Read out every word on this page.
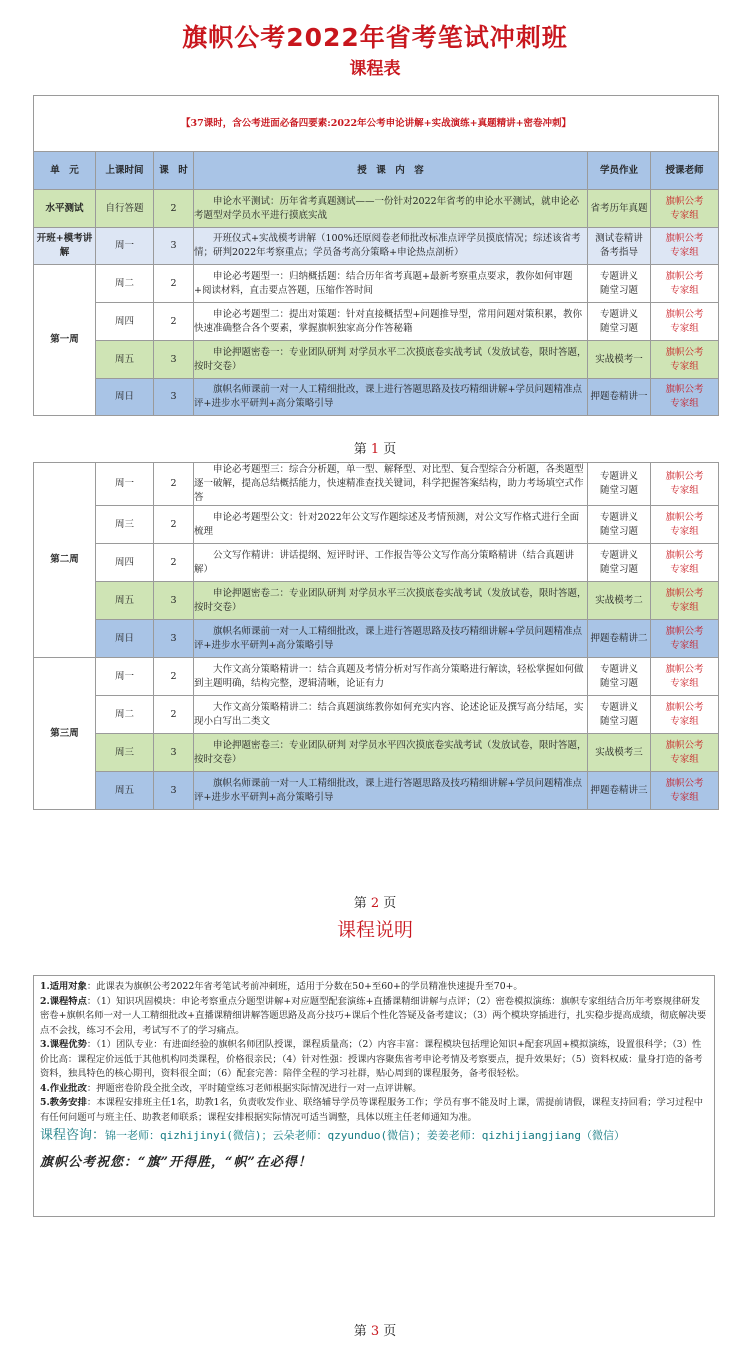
旗帜公考2022年省考笔试冲刺班
课程表
【37课时，含公考进面必备四要素:2022年公考申论讲解+实战演练+真题精讲+密卷冲刺】					
单　元	上课时间	课　时	授　课　内　容	学员作业	授课老师
水平测试	自行答题	2	申论水平测试：历年省考真题测试——一份针对2022年省考的申论水平测试，就申论必考题型对学员水平进行摸底实战	省考历年真题	旗帜公考
专家组

开班+模考讲解	周一	3	开班仪式+实战模考讲解（100%还原阅卷老师批改标准点评学员摸底情况；综述该省考情；研判2022年考察重点；学员备考高分策略+申论热点剖析）	测试卷精讲
备考指导	旗帜公考
专家组

第一周	周二	2	申论必考题型一：归纳概括题：结合历年省考真题+最新考察重点要求，教你如何审题+阅读材料，直击要点答题，压缩作答时间	专题讲义
随堂习题	旗帜公考
专家组

	周四	2	申论必考题型二：提出对策题：针对直接概括型+问题推导型，常用问题对策积累，教你快速准确整合各个要素，掌握旗帜独家高分作答秘籍	专题讲义
随堂习题	旗帜公考
专家组

	周五	3	申论押题密卷一：专业团队研判 对学员水平二次摸底卷实战考试（发放试卷，限时答题，按时交卷）	实战模考一	旗帜公考
专家组

	周日	3	旗帜名师课前一对一人工精细批改，课上进行答题思路及技巧精细讲解+学员问题精准点评+进步水平研判+高分策略引导	押题卷精讲一	旗帜公考
专家组
第 1 页
第二周	周一	2	申论必考题型三：综合分析题，单一型、解释型、对比型、复合型综合分析题，各类题型逐一破解，提高总结概括能力，快速精准查找关键词，科学把握答案结构，助力考场填空式作答	专题讲义
随堂习题	旗帜公考
专家组

	周三	2	申论必考题型公文：针对2022年公文写作题综述及考情预测，对公文写作格式进行全面梳理	专题讲义
随堂习题	旗帜公考
专家组

	周四	2	公文写作精讲：讲话提纲、短评时评、工作报告等公文写作高分策略精讲（结合真题讲解）	专题讲义
随堂习题	旗帜公考
专家组

	周五	3	申论押题密卷二：专业团队研判 对学员水平三次摸底卷实战考试（发放试卷，限时答题，按时交卷）	实战模考二	旗帜公考
专家组

	周日	3	旗帜名师课前一对一人工精细批改，课上进行答题思路及技巧精细讲解+学员问题精准点评+进步水平研判+高分策略引导	押题卷精讲二	旗帜公考
专家组

第三周	周一	2	大作文高分策略精讲一：结合真题及考情分析对写作高分策略进行解读，轻松掌握如何做到主题明确，结构完整，逻辑清晰，论证有力	专题讲义
随堂习题	旗帜公考
专家组

	周二	2	大作文高分策略精讲二：结合真题演练教你如何充实内容、论述论证及撰写高分结尾，实现小白写出二类文	专题讲义
随堂习题	旗帜公考
专家组

	周三	3	申论押题密卷三：专业团队研判 对学员水平四次摸底卷实战考试（发放试卷，限时答题，按时交卷）	实战模考三	旗帜公考
专家组

	周五	3	旗帜名师课前一对一人工精细批改，课上进行答题思路及技巧精细讲解+学员问题精准点评+进步水平研判+高分策略引导	押题卷精讲三	旗帜公考
专家组
第 2 页
课程说明

1.适用对象：此课表为旗帜公考2022年省考笔试考前冲刺班，适用于分数在50+至60+的学员精准快速提升至70+。

2.课程特点：（1）知识巩固模块：申论考察重点分题型讲解+对应题型配套演练+直播课精细讲解与点评；（2）密卷模拟演练：旗帜专家组结合历年考察规律研发密卷+旗帜名师一对一人工精细批改+直播课精细讲解答题思路及高分技巧+课后个性化答疑及备考建议；（3）两个模块穿插进行，扎实稳步提高成绩，彻底解决要点不会找，练习不会用，考试写不了的学习痛点。

3.课程优势：（1）团队专业：有进面经验的旗帜名师团队授课，课程质量高；（2）内容丰富：课程模块包括理论知识+配套巩固+模拟演练，设置很科学；（3）性价比高：课程定价远低于其他机构同类课程，价格很亲民；（4）针对性强：授课内容聚焦省考申论考情及考察要点，提升效果好；（5）资料权威：量身打造的备考资料，独具特色的核心期刊，资料很全面；（6）配套完善：陪伴全程的学习社群，贴心周到的课程服务，备考很轻松。

4.作业批改：押题密卷阶段全批全改，平时随堂练习老师根据实际情况进行一对一点评讲解。

5.教务安排：本课程安排班主任1名，助教1名，负责收发作业、联络辅导学员等课程服务工作；学员有事不能及时上课，需提前请假，课程支持回看；学习过程中有任何问题可与班主任、助教老师联系；课程安排根据实际情况可适当调整，具体以班主任老师通知为准。

课程咨询：锦一老师：qizhijinyi(微信)；云朵老师：qzyunduo(微信)；姜姜老师：qizhijiangjiang（微信）
旗帜公考祝您：“旗”开得胜，“帜”在必得！
第 3 页
